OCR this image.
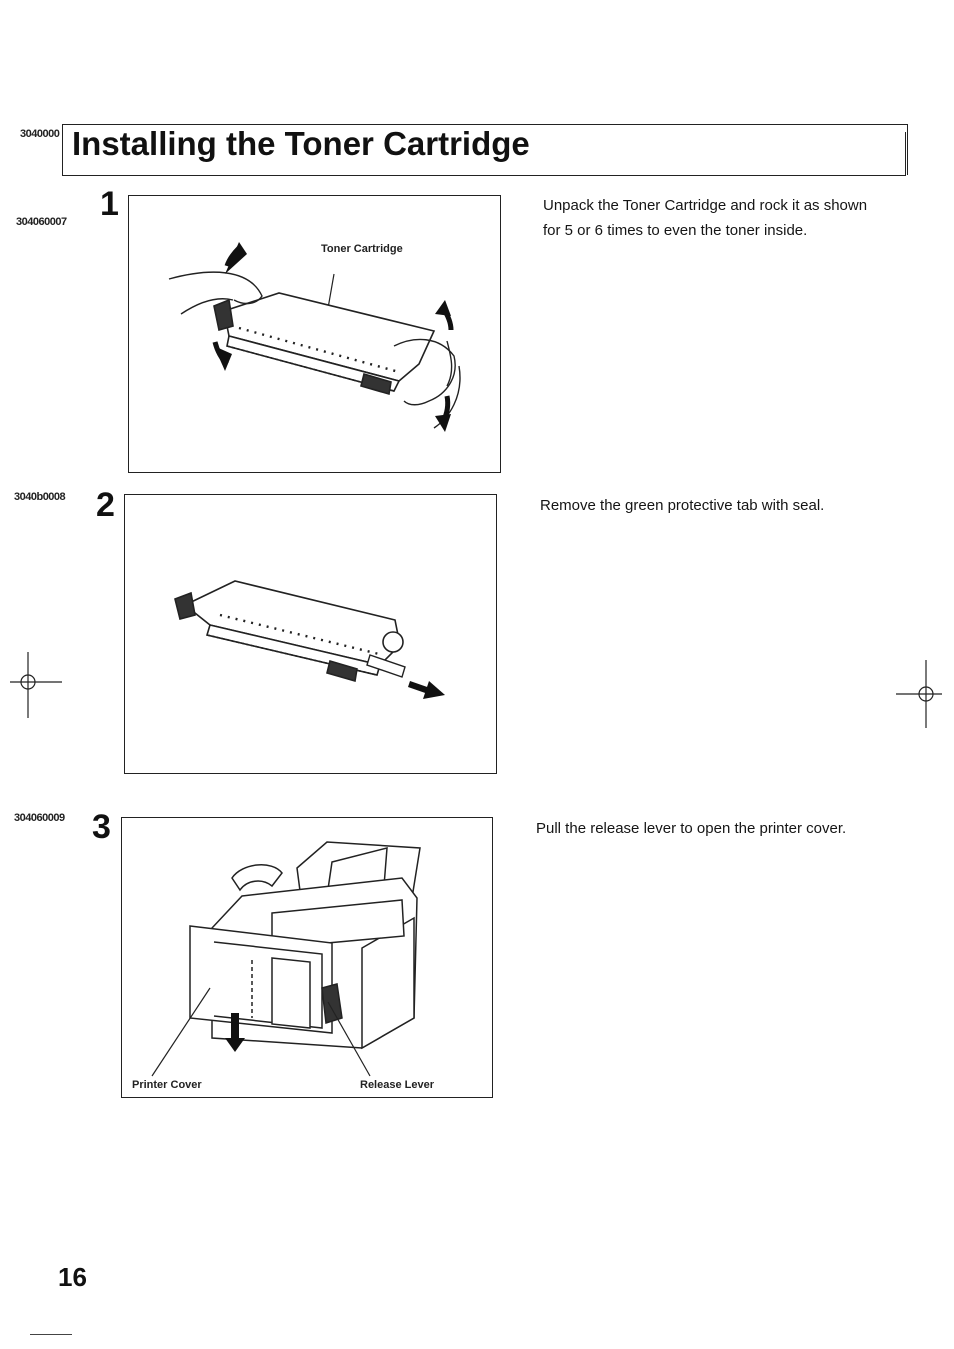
3040000 Installing the Toner Cartridge
304060007 1
Toner Cartridge
Unpack the Toner Cartridge and rock it as shown for 5 or 6 times to even the toner inside.
3040b0008 2	Remove the green protective tab with seal.
304060009 3
Printer Cover	Release Lever
Pull the release lever to open the printer cover.
16
